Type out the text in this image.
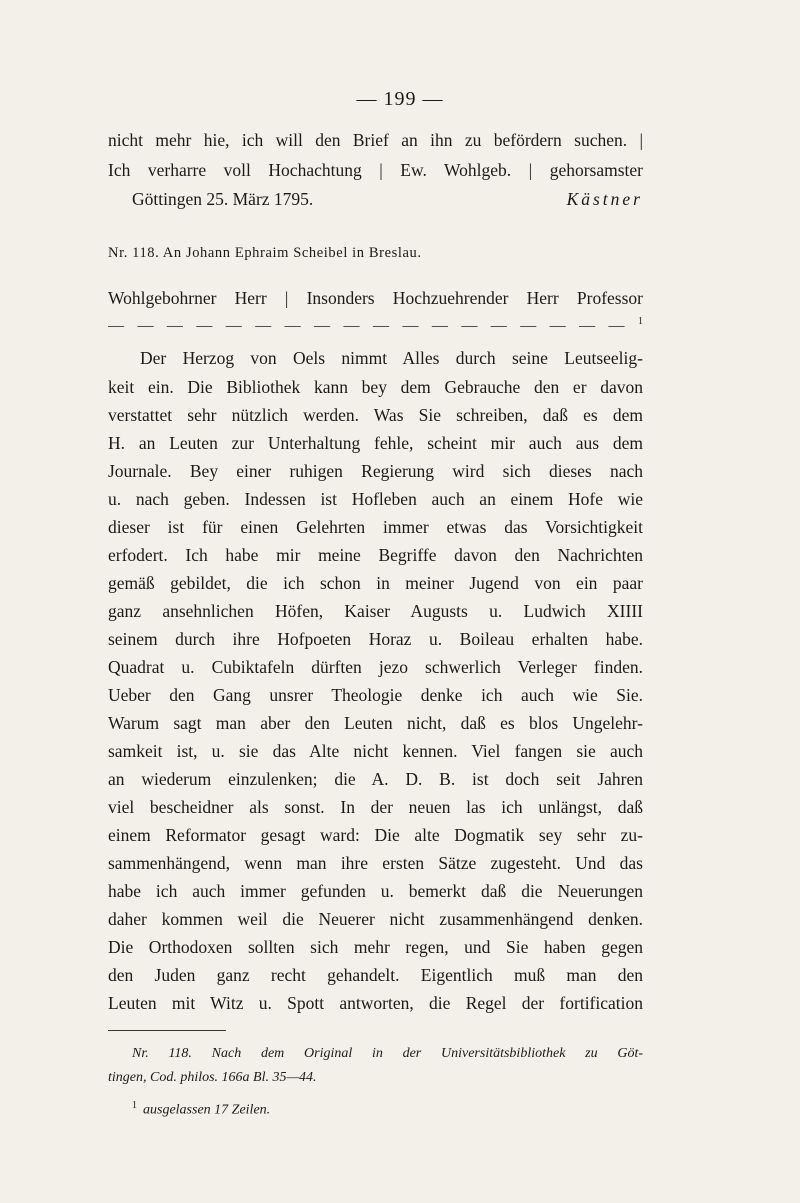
— 199 —
nicht mehr hie, ich will den Brief an ihn zu befördern suchen. |
Ich verharre voll Hochachtung | Ew. Wohlgeb. | gehorsamster
Göttingen 25. März 1795.	Kästner
Nr. 118. An Johann Ephraim Scheibel in Breslau.
Wohlgebohrner Herr | Insonders Hochzuehrender Herr Professor
— — — — — — — — — — — — — — — — — — $^1$
Der Herzog von Oels nimmt Alles durch seine Leutseelig-
keit ein. Die Bibliothek kann bey dem Gebrauche den er davon
verstattet sehr nützlich werden. Was Sie schreiben, daß es dem
H. an Leuten zur Unterhaltung fehle, scheint mir auch aus dem
Journale. Bey einer ruhigen Regierung wird sich dieses nach
u. nach geben. Indessen ist Hofleben auch an einem Hofe wie
dieser ist für einen Gelehrten immer etwas das Vorsichtigkeit
erfodert. Ich habe mir meine Begriffe davon den Nachrichten
gemäß gebildet, die ich schon in meiner Jugend von ein paar
ganz ansehnlichen Höfen, Kaiser Augusts u. Ludwich XIIII
seinem durch ihre Hofpoeten Horaz u. Boileau erhalten habe.
Quadrat u. Cubiktafeln dürften jezo schwerlich Verleger finden.
Ueber den Gang unsrer Theologie denke ich auch wie Sie.
Warum sagt man aber den Leuten nicht, daß es blos Ungelehr-
samkeit ist, u. sie das Alte nicht kennen. Viel fangen sie auch
an wiederum einzulenken; die A. D. B. ist doch seit Jahren
viel bescheidner als sonst. In der neuen las ich unlängst, daß
einem Reformator gesagt ward: Die alte Dogmatik sey sehr zu-
sammenhängend, wenn man ihre ersten Sätze zugesteht. Und das
habe ich auch immer gefunden u. bemerkt daß die Neuerungen
daher kommen weil die Neuerer nicht zusammenhängend denken.
Die Orthodoxen sollten sich mehr regen, und Sie haben gegen
den Juden ganz recht gehandelt. Eigentlich muß man den
Leuten mit Witz u. Spott antworten, die Regel der fortification
Nr. 118. Nach dem Original in der Universitätsbibliothek zu Göt-
tingen, Cod. philos. 166a Bl. 35—44.
$^1$ ausgelassen 17 Zeilen.
